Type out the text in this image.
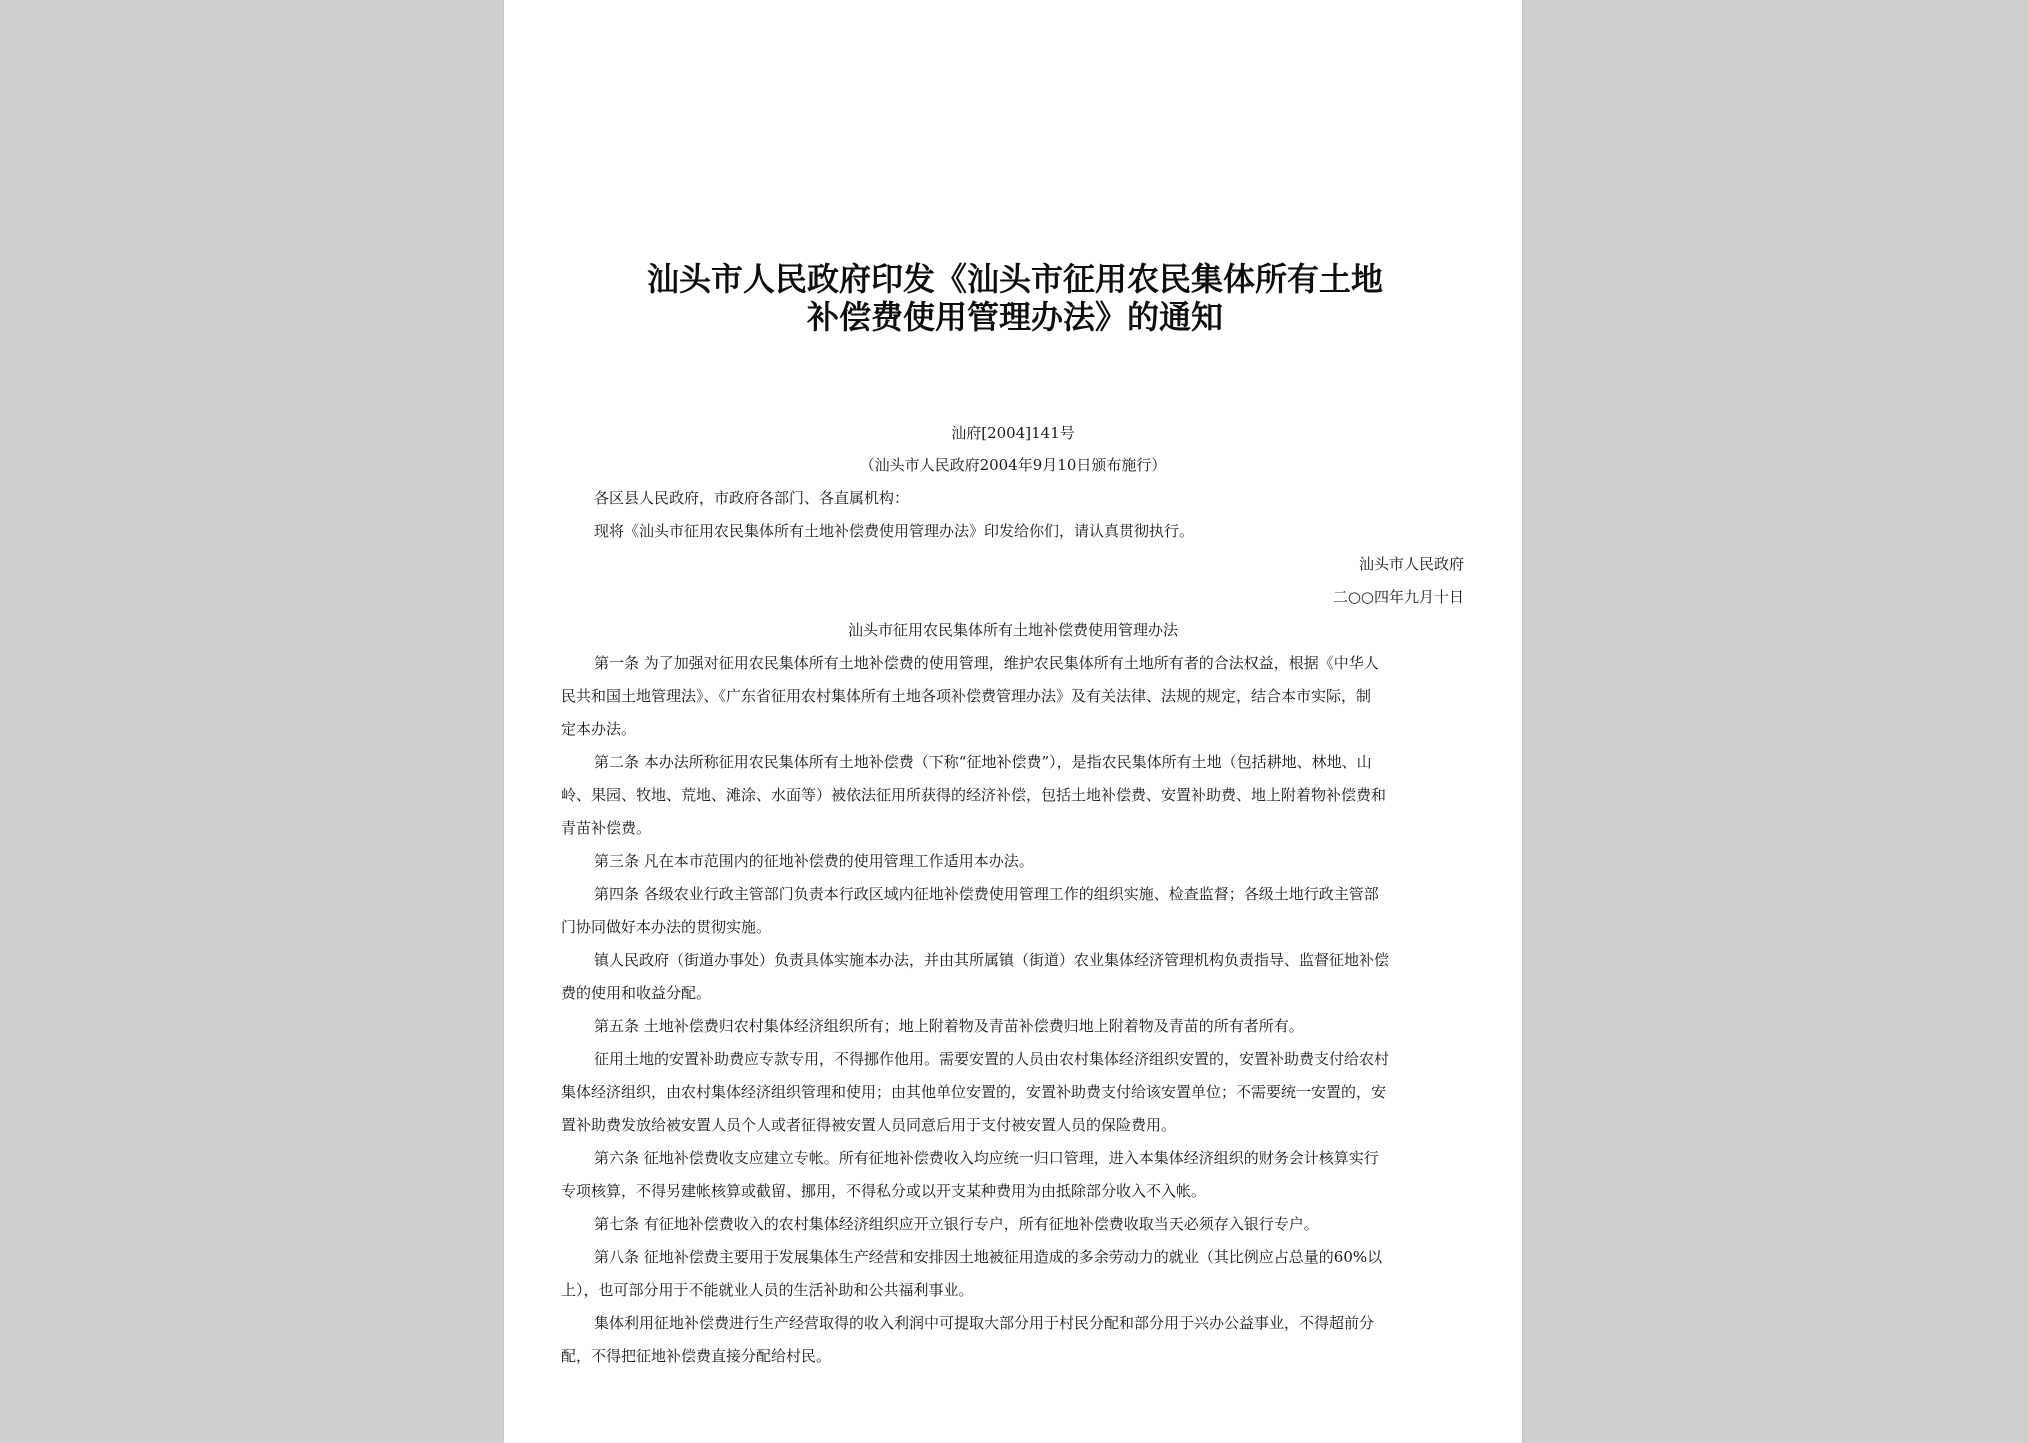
汕头市人民政府印发《汕头市征用农民集体所有土地
补偿费使用管理办法》的通知
汕府[2004]141号
（汕头市人民政府2004年9月10日颁布施行）
各区县人民政府，市政府各部门、各直属机构：
现将《汕头市征用农民集体所有土地补偿费使用管理办法》印发给你们，请认真贯彻执行。
汕头市人民政府
二○○四年九月十日
汕头市征用农民集体所有土地补偿费使用管理办法
第一条 为了加强对征用农民集体所有土地补偿费的使用管理，维护农民集体所有土地所有者的合法权益，根据《中华人
民共和国土地管理法》、《广东省征用农村集体所有土地各项补偿费管理办法》及有关法律、法规的规定，结合本市实际，制
定本办法。
第二条 本办法所称征用农民集体所有土地补偿费（下称“征地补偿费”），是指农民集体所有土地（包括耕地、林地、山
岭、果园、牧地、荒地、滩涂、水面等）被依法征用所获得的经济补偿，包括土地补偿费、安置补助费、地上附着物补偿费和
青苗补偿费。
第三条 凡在本市范围内的征地补偿费的使用管理工作适用本办法。
第四条 各级农业行政主管部门负责本行政区域内征地补偿费使用管理工作的组织实施、检查监督；各级土地行政主管部
门协同做好本办法的贯彻实施。
镇人民政府（街道办事处）负责具体实施本办法，并由其所属镇（街道）农业集体经济管理机构负责指导、监督征地补偿
费的使用和收益分配。
第五条 土地补偿费归农村集体经济组织所有；地上附着物及青苗补偿费归地上附着物及青苗的所有者所有。
征用土地的安置补助费应专款专用，不得挪作他用。需要安置的人员由农村集体经济组织安置的，安置补助费支付给农村
集体经济组织，由农村集体经济组织管理和使用；由其他单位安置的，安置补助费支付给该安置单位；不需要统一安置的，安
置补助费发放给被安置人员个人或者征得被安置人员同意后用于支付被安置人员的保险费用。
第六条 征地补偿费收支应建立专帐。所有征地补偿费收入均应统一归口管理，进入本集体经济组织的财务会计核算实行
专项核算，不得另建帐核算或截留、挪用，不得私分或以开支某种费用为由抵除部分收入不入帐。
第七条 有征地补偿费收入的农村集体经济组织应开立银行专户，所有征地补偿费收取当天必须存入银行专户。
第八条 征地补偿费主要用于发展集体生产经营和安排因土地被征用造成的多余劳动力的就业（其比例应占总量的60%以
上），也可部分用于不能就业人员的生活补助和公共福利事业。
集体利用征地补偿费进行生产经营取得的收入利润中可提取大部分用于村民分配和部分用于兴办公益事业，不得超前分
配，不得把征地补偿费直接分配给村民。
